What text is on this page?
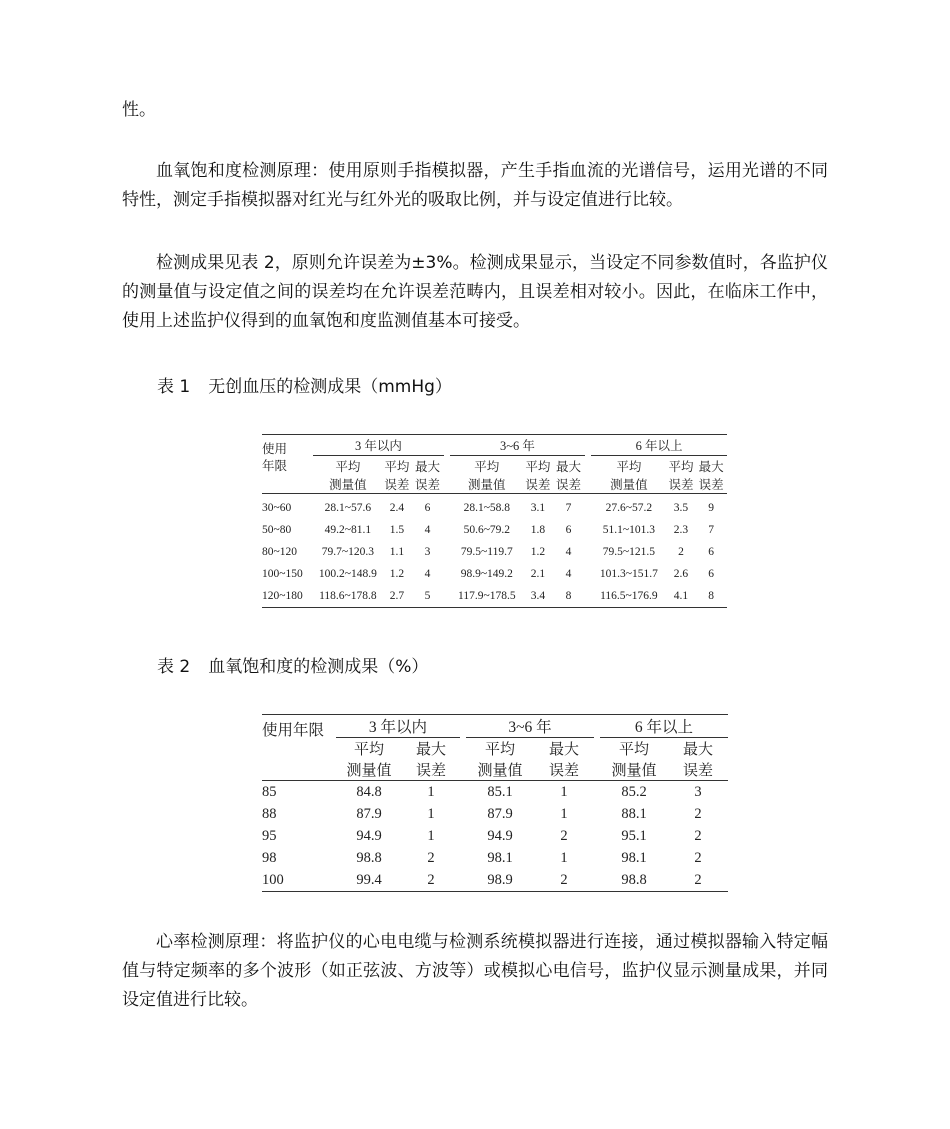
性。

血氧饱和度检测原理：使用原则手指模拟器，产生手指血流的光谱信号，运用光谱的不同特性，测定手指模拟器对红光与红外光的吸取比例，并与设定值进行比较。

检测成果见表 2，原则允许误差为±3%。检测成果显示，当设定不同参数值时，各监护仪的测量值与设定值之间的误差均在允许误差范畴内，且误差相对较小。因此，在临床工作中，使用上述监护仪得到的血氧饱和度监测值基本可接受。

表 1 无创血压的检测成果（mmHg）

使用
年限	3 年以内				3~6 年				6 年以上		
	平均	平均	最大		平均	平均	最大		平均	平均	最大
	测量值	误差	误差		测量值	误差	误差		测量值	误差	误差
30~60	28.1~57.6	2.4	6		28.1~58.8	3.1	7		27.6~57.2	3.5	9
50~80	49.2~81.1	1.5	4		50.6~79.2	1.8	6		51.1~101.3	2.3	7
80~120	79.7~120.3	1.1	3		79.5~119.7	1.2	4		79.5~121.5	2	6
100~150	100.2~148.9	1.2	4		98.9~149.2	2.1	4		101.3~151.7	2.6	6
120~180	118.6~178.8	2.7	5		117.9~178.5	3.4	8		116.5~176.9	4.1	8

表 2 血氧饱和度的检测成果（%）

使用年限	3 年以内			3~6 年			6 年以上	
	平均	最大		平均	最大		平均	最大
	测量值	误差		测量值	误差		测量值	误差
85	84.8	1		85.1	1		85.2	3
88	87.9	1		87.9	1		88.1	2
95	94.9	1		94.9	2		95.1	2
98	98.8	2		98.1	1		98.1	2
100	99.4	2		98.9	2		98.8	2

心率检测原理：将监护仪的心电电缆与检测系统模拟器进行连接，通过模拟器输入特定幅值与特定频率的多个波形（如正弦波、方波等）或模拟心电信号，监护仪显示测量成果，并同设定值进行比较。
